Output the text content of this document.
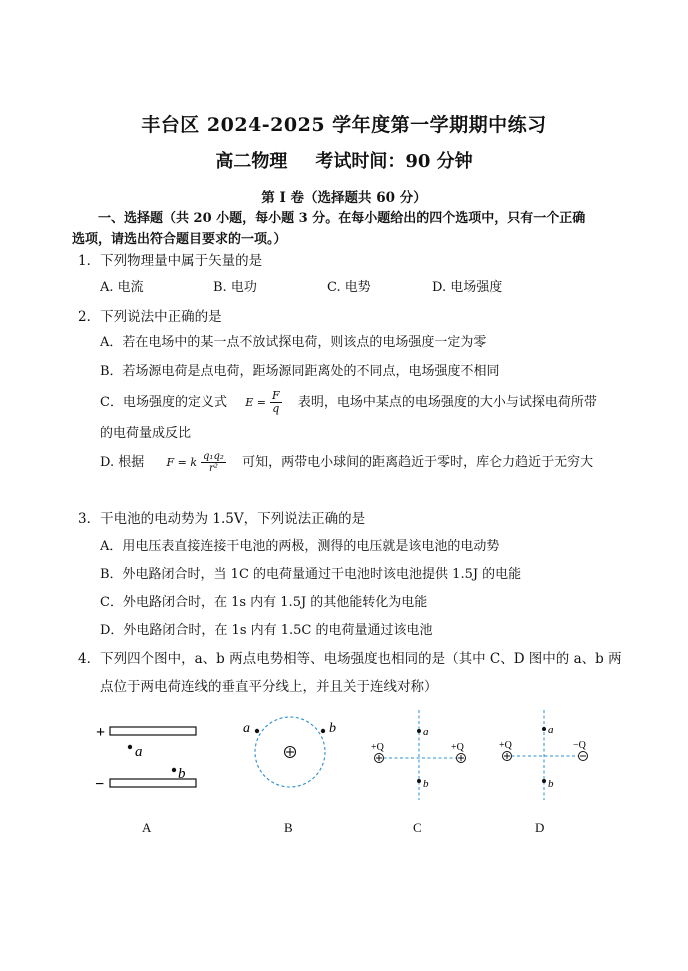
丰台区 2024-2025 学年度第一学期期中练习
高二物理 考试时间：90 分钟
第 I 卷（选择题共 60 分）
一、选择题（共 20 小题，每小题 3 分。在每小题给出的四个选项中，只有一个正确
选项，请选出符合题目要求的一项。）
1．下列物理量中属于矢量的是
A. 电流	B. 电功	C. 电势	D. 电场强度
2．下列说法中正确的是
A．若在电场中的某一点不放试探电荷，则该点的电场强度一定为零
B．若场源电荷是点电荷，距场源同距离处的不同点，电场强度不相同
C．电场强度的定义式 $E = \frac{F}{q}$ 表明，电场中某点的电场强度的大小与试探电荷所带
的电荷量成反比
D. 根据 F = k $\frac{\text{q₁q₂}}{\text{r²}}$ 可知，两带电小球间的距离趋近于零时，库仑力趋近于无穷大
3．干电池的电动势为 1.5V，下列说法正确的是
A．用电压表直接连接干电池的两极，测得的电压就是该电池的电动势
B．外电路闭合时，当 1C 的电荷量通过干电池时该电池提供 1.5J 的电能
C．外电路闭合时，在 1s 内有 1.5J 的其他能转化为电能
D．外电路闭合时，在 1s 内有 1.5C 的电荷量通过该电池
4．下列四个图中，a、b 两点电势相等、电场强度也相同的是（其中 C、D 图中的 a、b 两
点位于两电荷连线的垂直平分线上，并且关于连线对称）
+
a
b
−
A
a	b
B
+Q	+Q
a
b
C
+Q	−Q
a
b
D
